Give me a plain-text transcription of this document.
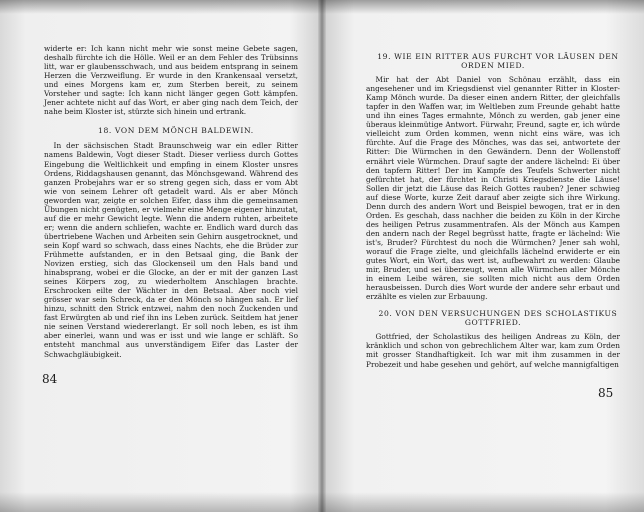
widerte er: Ich kann nicht mehr wie sonst meine Gebete sagen, deshalb fürchte ich die Hölle. Weil er an dem Fehler des Trübsinns litt, war er glaubensschwach, und aus beidem entsprang in seinem Herzen die Verzweiflung. Er wurde in den Krankensaal versetzt, und eines Morgens kam er, zum Sterben bereit, zu seinem Vorsteher und sagte: Ich kann nicht länger gegen Gott kämpfen. Jener achtete nicht auf das Wort, er aber ging nach dem Teich, der nahe beim Kloster ist, stürzte sich hinein und ertrank.

18. VON DEM MÖNCH BALDEWIN.

In der sächsischen Stadt Braunschweig war ein edler Ritter namens Baldewin, Vogt dieser Stadt. Dieser verliess durch Gottes Eingebung die Weltlichkeit und empfing in einem Kloster unsres Ordens, Riddagshausen genannt, das Mönchsgewand. Während des ganzen Probejahrs war er so streng gegen sich, dass er vom Abt wie von seinem Lehrer oft getadelt ward. Als er aber Mönch geworden war, zeigte er solchen Eifer, dass ihm die gemeinsamen Übungen nicht genügten, er vielmehr eine Menge eigener hinzutat, auf die er mehr Gewicht legte. Wenn die andern ruhten, arbeitete er; wenn die andern schliefen, wachte er. Endlich ward durch das übertriebene Wachen und Arbeiten sein Gehirn ausgetrocknet, und sein Kopf ward so schwach, dass eines Nachts, ehe die Brüder zur Frühmette aufstanden, er in den Betsaal ging, die Bank der Novizen erstieg, sich das Glockenseil um den Hals band und hinabsprang, wobei er die Glocke, an der er mit der ganzen Last seines Körpers zog, zu wiederholtem Anschlagen brachte. Erschrocken eilte der Wächter in den Betsaal. Aber noch viel grösser war sein Schreck, da er den Mönch so hängen sah. Er lief hinzu, schnitt den Strick entzwei, nahm den noch Zuckenden und fast Erwürgten ab und rief ihn ins Leben zurück. Seitdem hat jener nie seinen Verstand wiedererlangt. Er soll noch leben, es ist ihm aber einerlei, wann und was er isst und wie lange er schläft. So entsteht manchmal aus unverständigem Eifer das Laster der Schwachgläubigkeit.

84

19. WIE EIN RITTER AUS FURCHT VOR LÄUSEN DEN ORDEN MIED.

Mir hat der Abt Daniel von Schönau erzählt, dass ein angesehener und im Kriegsdienst viel genannter Ritter in Kloster-Kamp Mönch wurde. Da dieser einen andern Ritter, der gleichfalls tapfer in den Waffen war, im Weltleben zum Freunde gehabt hatte und ihn eines Tages ermahnte, Mönch zu werden, gab jener eine überaus kleinmütige Antwort. Fürwahr, Freund, sagte er, ich würde vielleicht zum Orden kommen, wenn nicht eins wäre, was ich fürchte. Auf die Frage des Mönches, was das sei, antwortete der Ritter: Die Würmchen in den Gewändern. Denn der Wollenstoff ernährt viele Würmchen. Drauf sagte der andere lächelnd: Ei über den tapfern Ritter! Der im Kampfe des Teufels Schwerter nicht gefürchtet hat, der fürchtet in Christi Kriegsdienste die Läuse! Sollen dir jetzt die Läuse das Reich Gottes rauben? Jener schwieg auf diese Worte, kurze Zeit darauf aber zeigte sich ihre Wirkung. Denn durch des andern Wort und Beispiel bewogen, trat er in den Orden. Es geschah, dass nachher die beiden zu Köln in der Kirche des heiligen Petrus zusammentrafen. Als der Mönch aus Kampen den andern nach der Regel begrüsst hatte, fragte er lächelnd: Wie ist's, Bruder? Fürchtest du noch die Würmchen? Jener sah wohl, worauf die Frage zielte, und gleichfalls lächelnd erwiderte er ein gutes Wort, ein Wort, das wert ist, aufbewahrt zu werden: Glaube mir, Bruder, und sei überzeugt, wenn alle Würmchen aller Mönche in einem Leibe wären, sie sollten mich nicht aus dem Orden herausbeissen. Durch dies Wort wurde der andere sehr erbaut und erzählte es vielen zur Erbauung.

20. VON DEN VERSUCHUNGEN DES SCHOLASTIKUS GOTTFRIED.

Gottfried, der Scholastikus des heiligen Andreas zu Köln, der kränklich und schon von gebrechlichem Alter war, kam zum Orden mit grosser Standhaftigkeit. Ich war mit ihm zusammen in der Probezeit und habe gesehen und gehört, auf welche mannigfaltigen

85
